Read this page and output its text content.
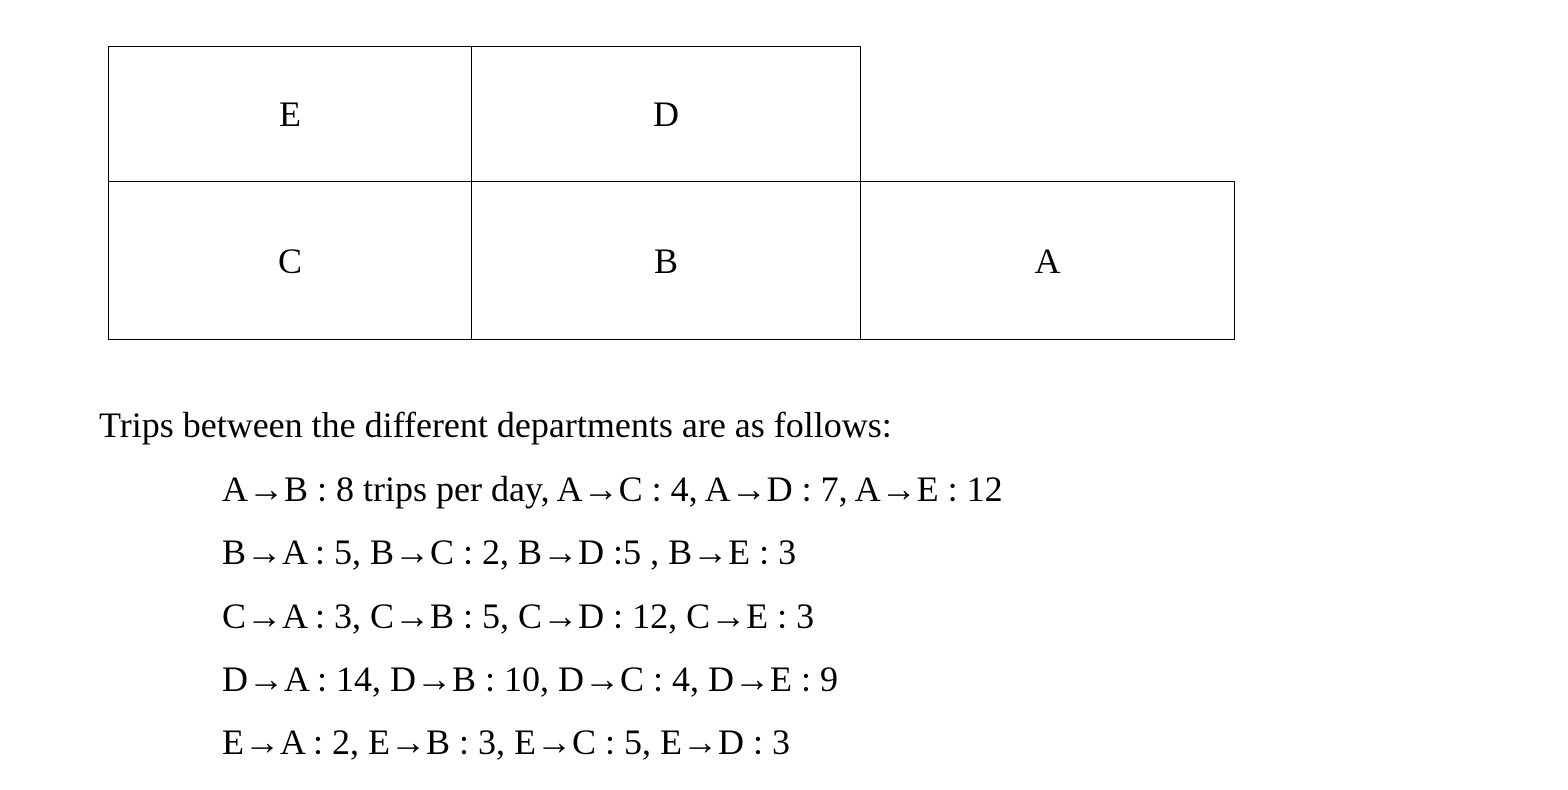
E	D
C	B	A
Trips between the different departments are as follows:
A→B : 8 trips per day, A→C : 4, A→D : 7, A→E : 12
B→A : 5, B→C : 2, B→D :5 , B→E : 3
C→A : 3, C→B : 5, C→D : 12, C→E : 3
D→A : 14, D→B : 10, D→C : 4, D→E : 9
E→A : 2, E→B : 3, E→C : 5, E→D : 3
